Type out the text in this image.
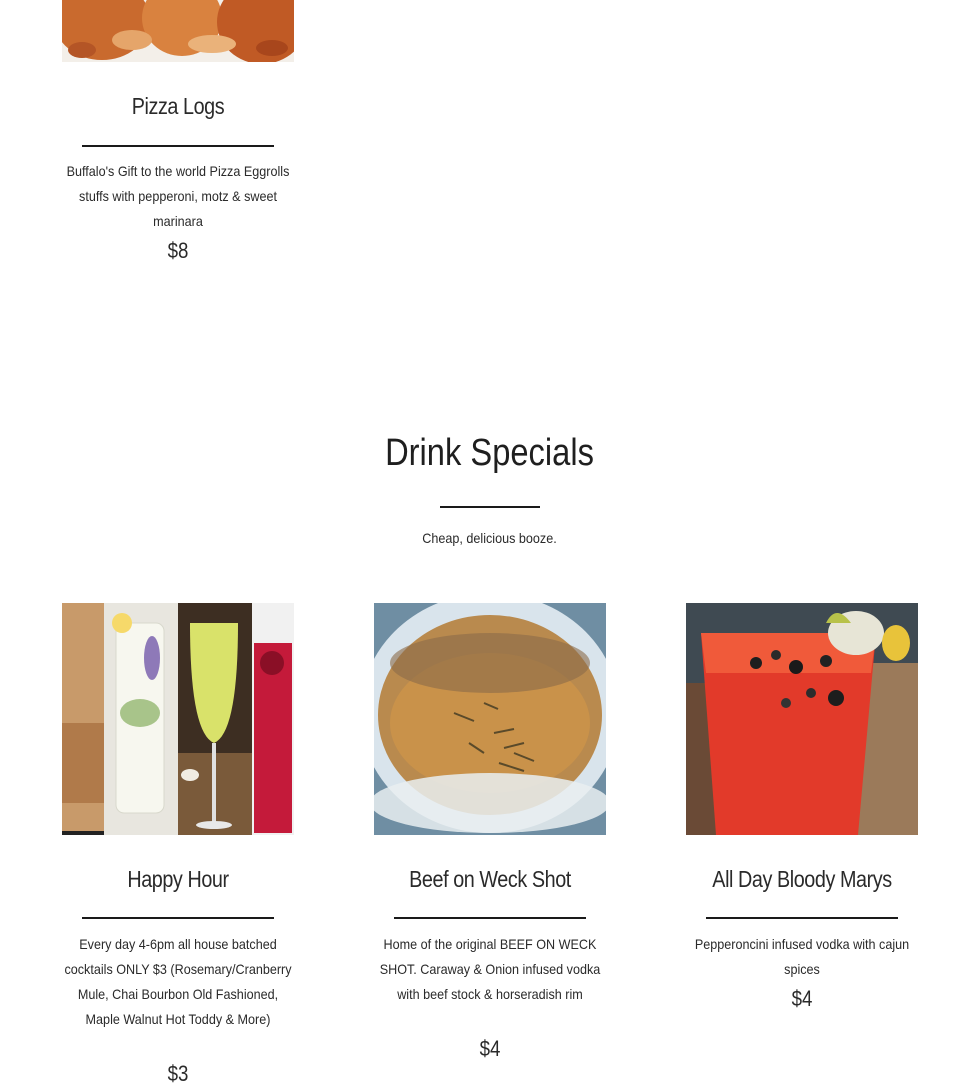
Pizza Logs
Buffalo's Gift to the world Pizza Eggrolls stuffs with pepperoni, motz & sweet marinara
$8
Drink Specials
Cheap, delicious booze.
Happy Hour
Every day 4-6pm all house batched cocktails ONLY $3 (Rosemary/Cranberry Mule, Chai Bourbon Old Fashioned, Maple Walnut Hot Toddy & More)
$3
Beef on Weck Shot
Home of the original BEEF ON WECK SHOT. Caraway & Onion infused vodka with beef stock & horseradish rim
$4
All Day Bloody Marys
Pepperoncini infused vodka with cajun spices
$4
